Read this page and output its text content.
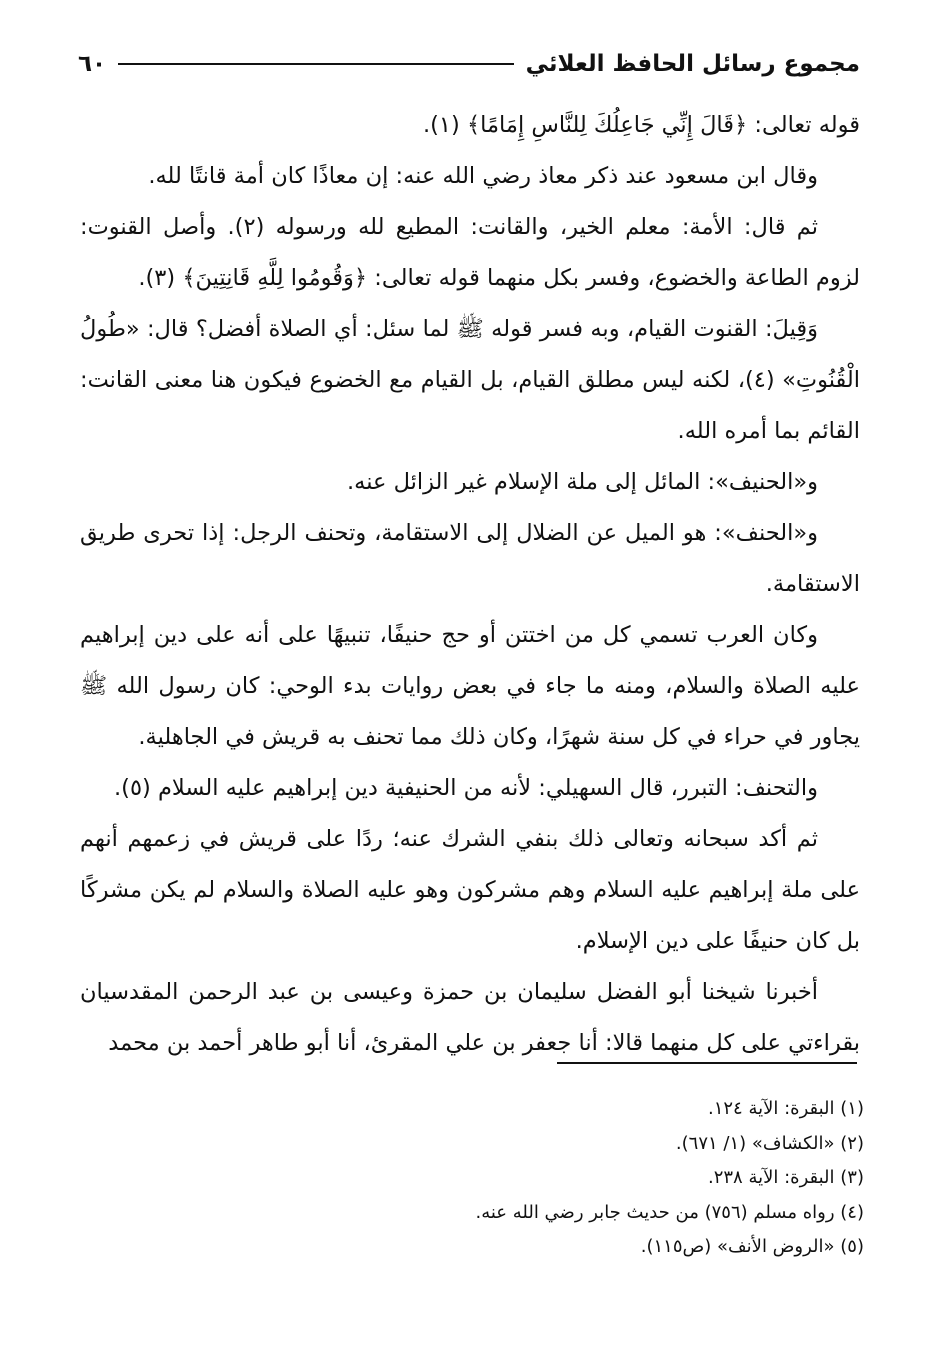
مجموع رسائل الحافظ العلائي
٦٠

قوله تعالى: ﴿قَالَ إِنِّي جَاعِلُكَ لِلنَّاسِ إِمَامًا﴾ (١).

وقال ابن مسعود عند ذكر معاذ رضي الله عنه: إن معاذًا كان أمة قانتًا لله.

ثم قال: الأمة: معلم الخير، والقانت: المطيع لله ورسوله (٢). وأصل القنوت: لزوم الطاعة والخضوع، وفسر بكل منهما قوله تعالى: ﴿وَقُومُوا لِلَّهِ قَانِتِينَ﴾ (٣).

وَقِيلَ: القنوت القيام، وبه فسر قوله ﷺ لما سئل: أي الصلاة أفضل؟ قال: «طُولُ الْقُنُوتِ» (٤)، لكنه ليس مطلق القيام، بل القيام مع الخضوع فيكون هنا معنى القانت: القائم بما أمره الله.

و«الحنيف»: المائل إلى ملة الإسلام غير الزائل عنه.

و«الحنف»: هو الميل عن الضلال إلى الاستقامة، وتحنف الرجل: إذا تحرى طريق الاستقامة.

وكان العرب تسمي كل من اختتن أو حج حنيفًا، تنبيهًا على أنه على دين إبراهيم عليه الصلاة والسلام، ومنه ما جاء في بعض روايات بدء الوحي: كان رسول الله ﷺ يجاور في حراء في كل سنة شهرًا، وكان ذلك مما تحنف به قريش في الجاهلية.

والتحنف: التبرر، قال السهيلي: لأنه من الحنيفية دين إبراهيم عليه السلام (٥).

ثم أكد سبحانه وتعالى ذلك بنفي الشرك عنه؛ ردًا على قريش في زعمهم أنهم على ملة إبراهيم عليه السلام وهم مشركون وهو عليه الصلاة والسلام لم يكن مشركًا بل كان حنيفًا على دين الإسلام.

أخبرنا شيخنا أبو الفضل سليمان بن حمزة وعيسى بن عبد الرحمن المقدسيان بقراءتي على كل منهما قالا: أنا جعفر بن علي المقرئ، أنا أبو طاهر أحمد بن محمد

(١) البقرة: الآية ١٢٤.

(٢) «الكشاف» (١/ ٦٧١).

(٣) البقرة: الآية ٢٣٨.

(٤) رواه مسلم (٧٥٦) من حديث جابر رضي الله عنه.

(٥) «الروض الأنف» (ص١١٥).
